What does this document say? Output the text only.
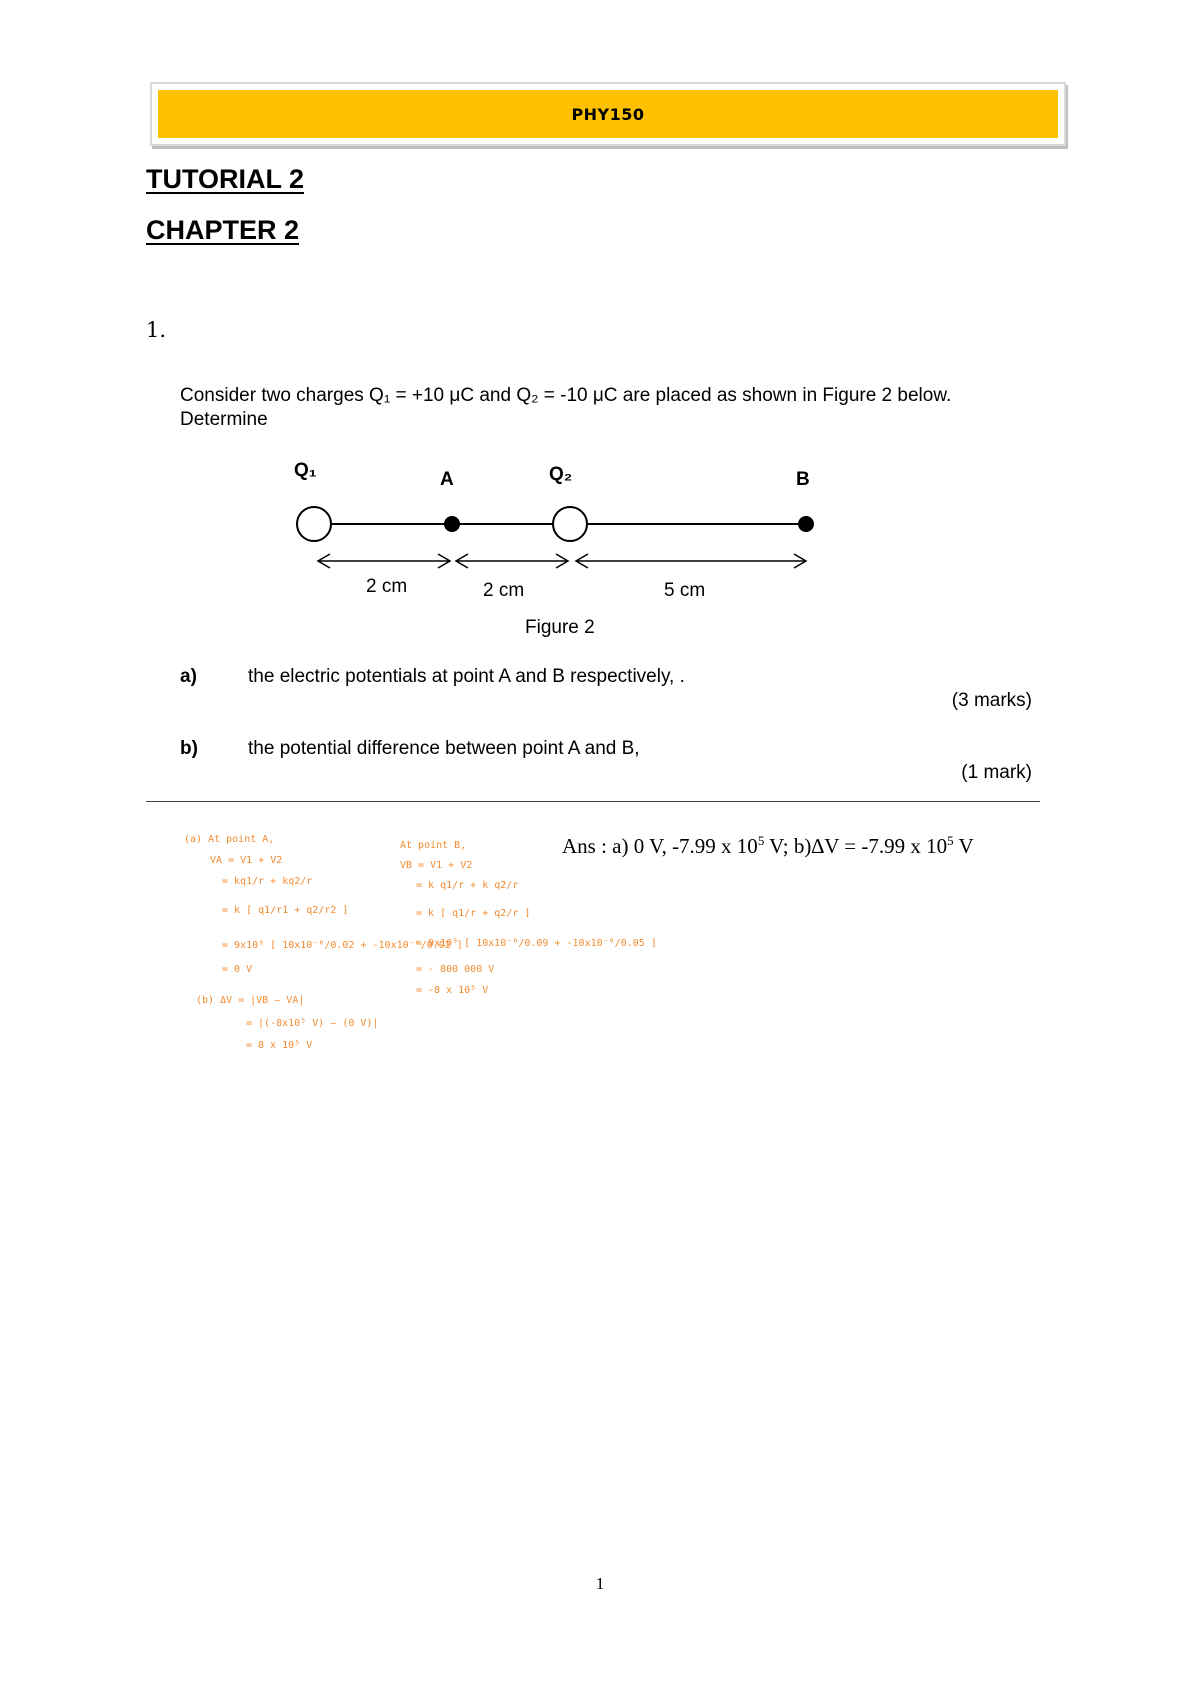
PHY150
TUTORIAL 2
CHAPTER 2
1.
Consider two charges Q₁ = +10 μC and Q₂ = -10 μC are placed as shown in Figure 2 below.
Determine
Q₁	A	Q₂	B
2 cm	2 cm	5 cm
Figure 2
a)	the electric potentials at point A and B respectively, .
(3 marks)
b)	the potential difference between point A and B,
(1 mark)
(a) At point A,
VA = V1 + V2
= kq1/r + kq2/r
= k [ q1/r1 + q2/r2 ]
= 9x10⁹ [ 10x10⁻⁶/0.02 + -10x10⁻⁶/0.02 ]
= 0 V
(b) ΔV = |VB – VA|
= |(-8x10⁵ V) – (0 V)|
= 8 x 10⁵ V
At point B,
VB = V1 + V2
= k q1/r + k q2/r
= k [ q1/r + q2/r ]
= 9x10⁹ [ 10x10⁻⁶/0.09 + -10x10⁻⁶/0.05 ]
= - 800 000 V
= -8 x 10⁵ V
Ans : a) 0 V, -7.99 x $10^5$ V; b)∆V = -7.99 x $10^5$ V
1
